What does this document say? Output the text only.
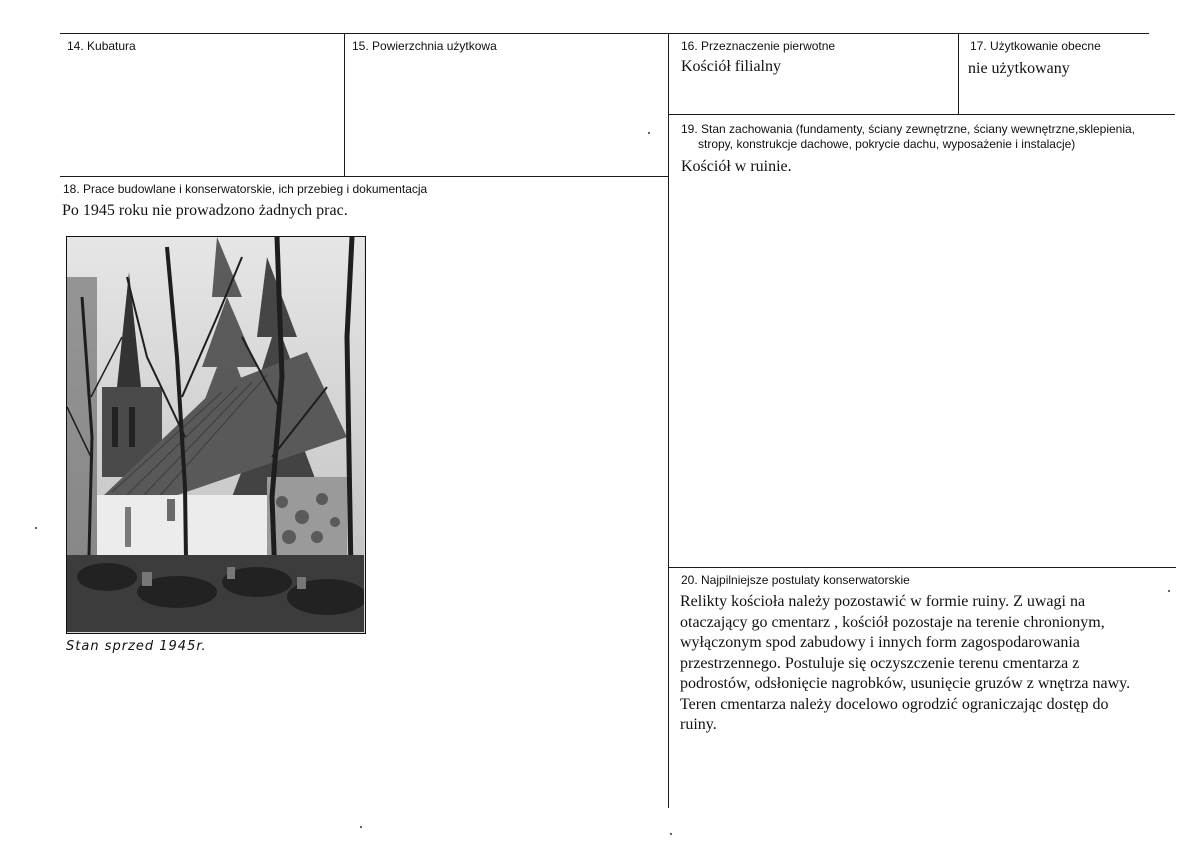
14. Kubatura	15. Powierzchnia użytkowa	16. Przeznaczenie pierwotne
Kościół filialny
17. Użytkowanie obecne
nie użytkowany
19. Stan zachowania (fundamenty, ściany zewnętrzne, ściany wewnętrzne,sklepienia,
stropy, konstrukcje dachowe, pokrycie dachu, wyposażenie i instalacje)
Kościół w ruinie.
18. Prace budowlane i konserwatorskie, ich przebieg i dokumentacja
Po 1945 roku nie prowadzono żadnych prac.
Stan sprzed 1945r.
20. Najpilniejsze postulaty konserwatorskie
Relikty kościoła należy pozostawić w formie ruiny. Z uwagi na
otaczający go cmentarz , kościół pozostaje na terenie chronionym,
wyłączonym spod zabudowy i innych form zagospodarowania
przestrzennego. Postuluje się oczyszczenie terenu cmentarza z
podrostów, odsłonięcie nagrobków, usunięcie gruzów z wnętrza nawy.
Teren cmentarza należy docelowo ogrodzić ograniczając dostęp do
ruiny.
